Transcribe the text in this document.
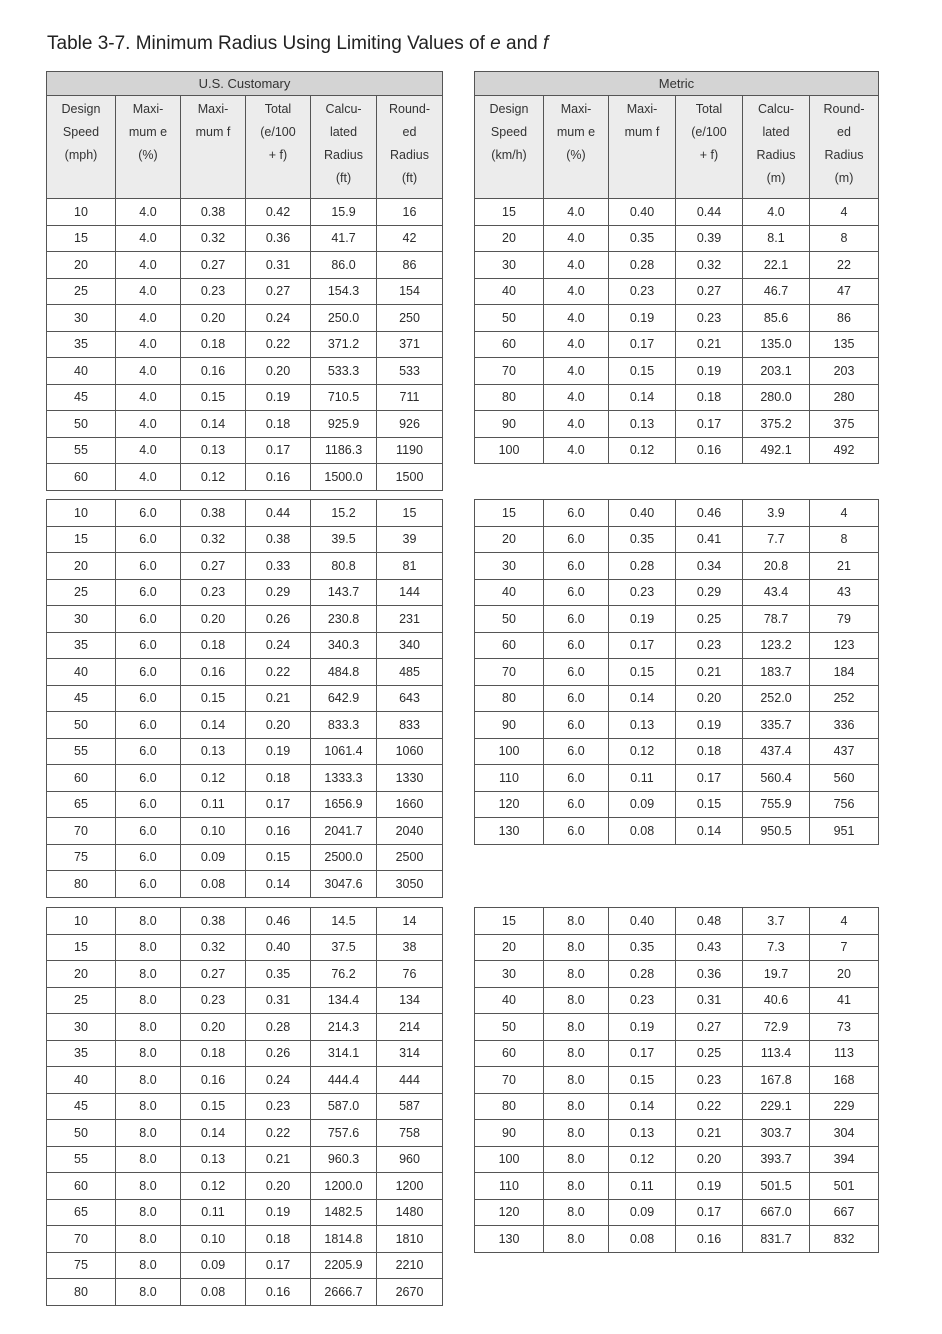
Table 3-7. Minimum Radius Using Limiting Values of e and f
U.S. Customary					

Design
Speed
(mph)	Maxi-
mum e
(%)	Maxi-
mum f	Total
(e/100
+ f)	Calcu-
lated
Radius
(ft)	Round-
ed
Radius
(ft)

10	4.0	0.38	0.42	15.9	16
15	4.0	0.32	0.36	41.7	42
20	4.0	0.27	0.31	86.0	86
25	4.0	0.23	0.27	154.3	154
30	4.0	0.20	0.24	250.0	250
35	4.0	0.18	0.22	371.2	371
40	4.0	0.16	0.20	533.3	533
45	4.0	0.15	0.19	710.5	711
50	4.0	0.14	0.18	925.9	926
55	4.0	0.13	0.17	1186.3	1190
60	4.0	0.12	0.16	1500.0	1500
10	6.0	0.38	0.44	15.2	15
15	6.0	0.32	0.38	39.5	39
20	6.0	0.27	0.33	80.8	81
25	6.0	0.23	0.29	143.7	144
30	6.0	0.20	0.26	230.8	231
35	6.0	0.18	0.24	340.3	340
40	6.0	0.16	0.22	484.8	485
45	6.0	0.15	0.21	642.9	643
50	6.0	0.14	0.20	833.3	833
55	6.0	0.13	0.19	1061.4	1060
60	6.0	0.12	0.18	1333.3	1330
65	6.0	0.11	0.17	1656.9	1660
70	6.0	0.10	0.16	2041.7	2040
75	6.0	0.09	0.15	2500.0	2500
80	6.0	0.08	0.14	3047.6	3050
10	8.0	0.38	0.46	14.5	14
15	8.0	0.32	0.40	37.5	38
20	8.0	0.27	0.35	76.2	76
25	8.0	0.23	0.31	134.4	134
30	8.0	0.20	0.28	214.3	214
35	8.0	0.18	0.26	314.1	314
40	8.0	0.16	0.24	444.4	444
45	8.0	0.15	0.23	587.0	587
50	8.0	0.14	0.22	757.6	758
55	8.0	0.13	0.21	960.3	960
60	8.0	0.12	0.20	1200.0	1200
65	8.0	0.11	0.19	1482.5	1480
70	8.0	0.10	0.18	1814.8	1810
75	8.0	0.09	0.17	2205.9	2210
80	8.0	0.08	0.16	2666.7	2670
Metric					

Design
Speed
(km/h)	Maxi-
mum e
(%)	Maxi-
mum f	Total
(e/100
+ f)	Calcu-
lated
Radius
(m)	Round-
ed
Radius
(m)

15	4.0	0.40	0.44	4.0	4
20	4.0	0.35	0.39	8.1	8
30	4.0	0.28	0.32	22.1	22
40	4.0	0.23	0.27	46.7	47
50	4.0	0.19	0.23	85.6	86
60	4.0	0.17	0.21	135.0	135
70	4.0	0.15	0.19	203.1	203
80	4.0	0.14	0.18	280.0	280
90	4.0	0.13	0.17	375.2	375
100	4.0	0.12	0.16	492.1	492
15	6.0	0.40	0.46	3.9	4
20	6.0	0.35	0.41	7.7	8
30	6.0	0.28	0.34	20.8	21
40	6.0	0.23	0.29	43.4	43
50	6.0	0.19	0.25	78.7	79
60	6.0	0.17	0.23	123.2	123
70	6.0	0.15	0.21	183.7	184
80	6.0	0.14	0.20	252.0	252
90	6.0	0.13	0.19	335.7	336
100	6.0	0.12	0.18	437.4	437
110	6.0	0.11	0.17	560.4	560
120	6.0	0.09	0.15	755.9	756
130	6.0	0.08	0.14	950.5	951
15	8.0	0.40	0.48	3.7	4
20	8.0	0.35	0.43	7.3	7
30	8.0	0.28	0.36	19.7	20
40	8.0	0.23	0.31	40.6	41
50	8.0	0.19	0.27	72.9	73
60	8.0	0.17	0.25	113.4	113
70	8.0	0.15	0.23	167.8	168
80	8.0	0.14	0.22	229.1	229
90	8.0	0.13	0.21	303.7	304
100	8.0	0.12	0.20	393.7	394
110	8.0	0.11	0.19	501.5	501
120	8.0	0.09	0.17	667.0	667
130	8.0	0.08	0.16	831.7	832
